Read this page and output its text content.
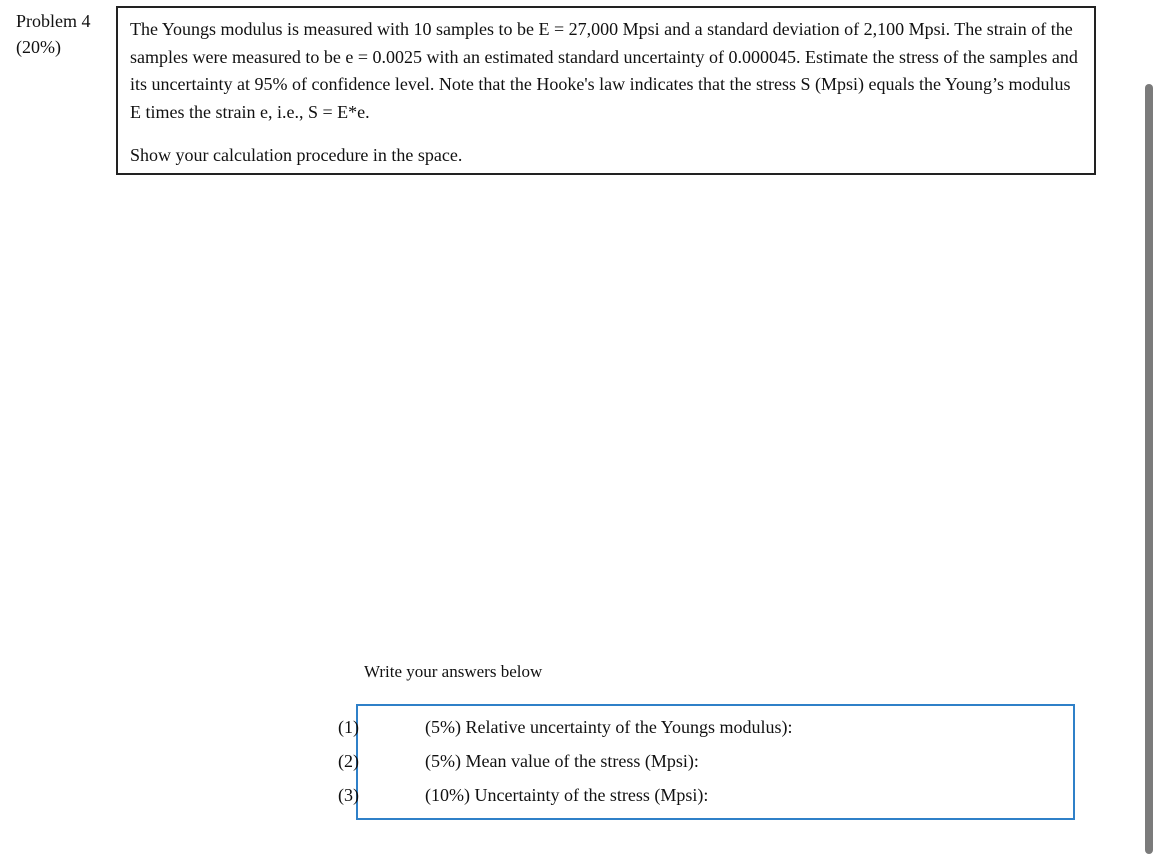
Problem 4
(20%)

The Youngs modulus is measured with 10 samples to be E = 27,000 Mpsi and a standard deviation of 2,100 Mpsi. The strain of the samples were measured to be e = 0.0025 with an estimated standard uncertainty of 0.000045. Estimate the stress of the samples and its uncertainty at 95% of confidence level. Note that the Hooke's law indicates that the stress S (Mpsi) equals the Young’s modulus E times the strain e, i.e., S = E*e.

Show your calculation procedure in the space.

Write your answers below
(1)	(5%) Relative uncertainty of the Youngs modulus):
(2)	(5%) Mean value of the stress (Mpsi):
(3)	(10%) Uncertainty of the stress (Mpsi):
